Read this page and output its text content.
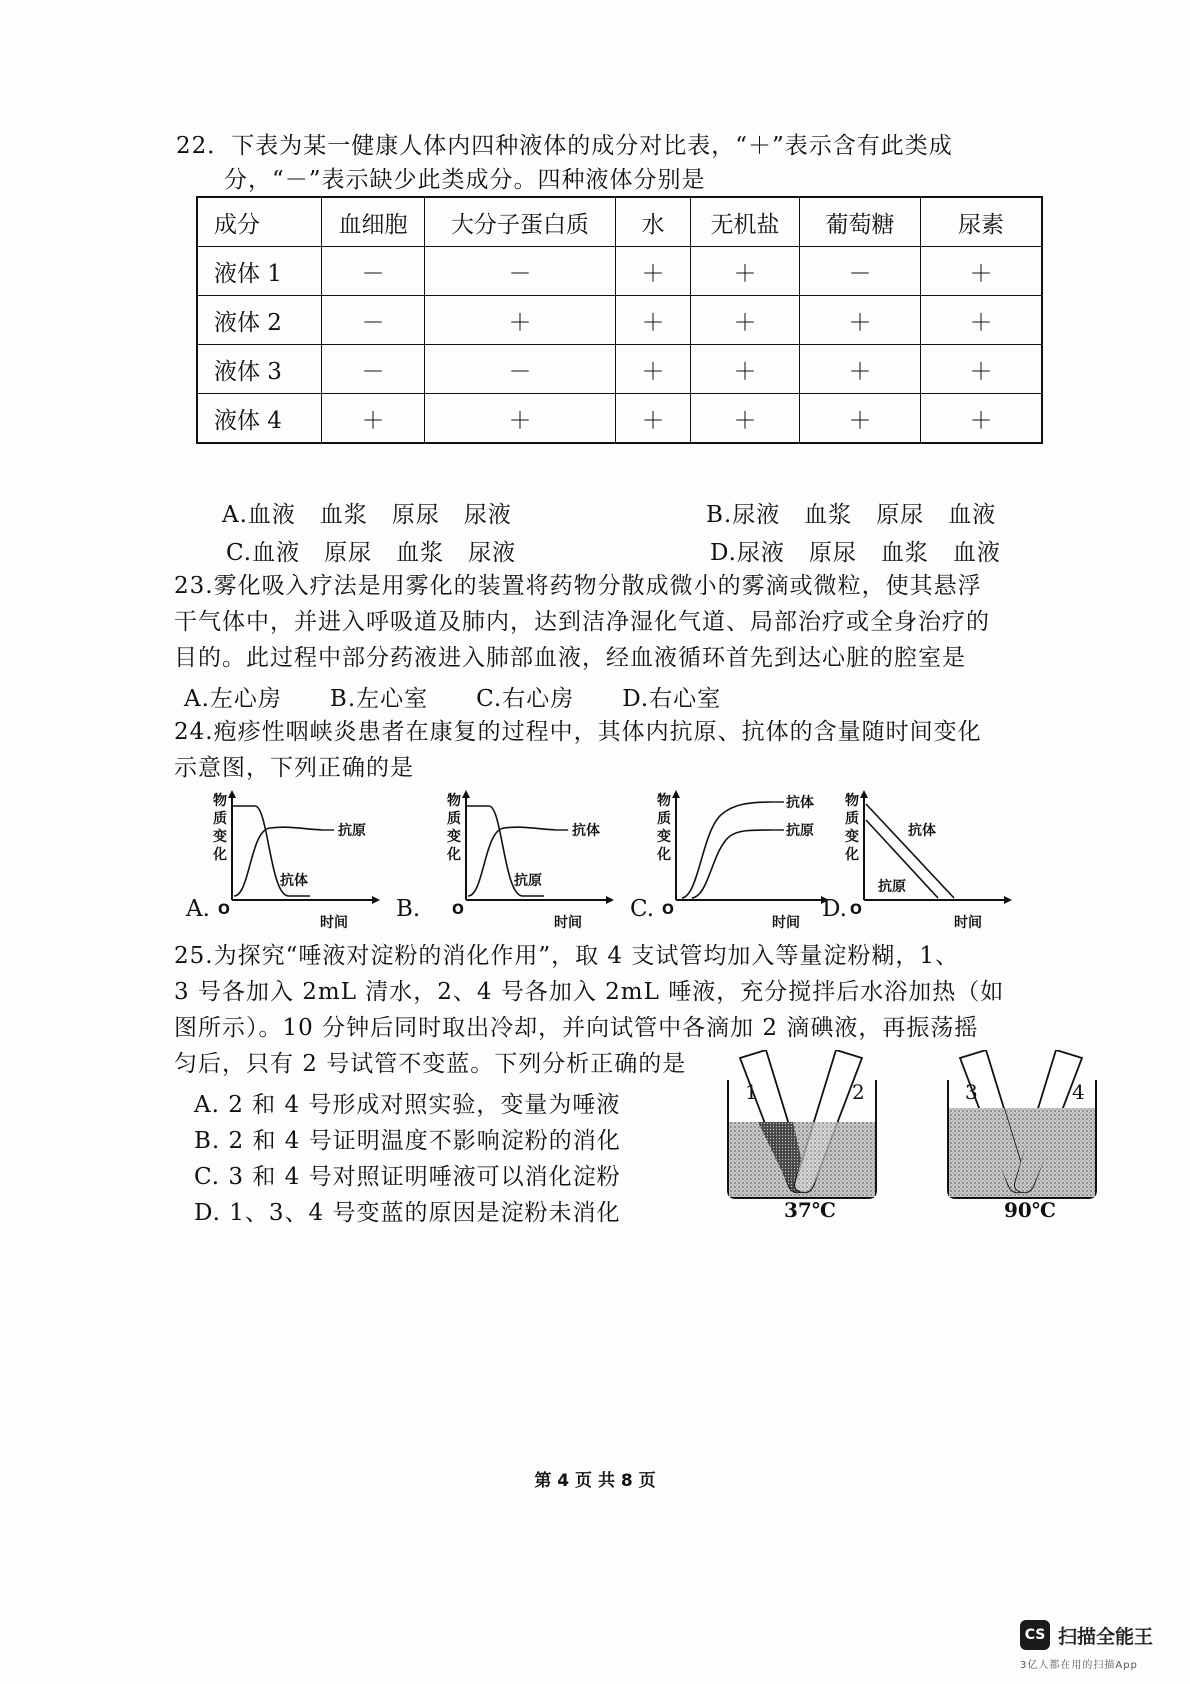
22．下表为某一健康人体内四种液体的成分对比表，“＋”表示含有此类成
分，“－”表示缺少此类成分。四种液体分别是
成分	血细胞	大分子蛋白质	水	无机盐	葡萄糖	尿素
液体 1	－	－	＋	＋	－	＋
液体 2	－	＋	＋	＋	＋	＋
液体 3	－	－	＋	＋	＋	＋
液体 4	＋	＋	＋	＋	＋	＋
A.血液　血浆　原尿　尿液	B.尿液　血浆　原尿　血液
C.血液　原尿　血浆　尿液	D.尿液　原尿　血浆　血液
23.雾化吸入疗法是用雾化的装置将药物分散成微小的雾滴或微粒，使其悬浮
干气体中，并进入呼吸道及肺内，达到洁净湿化气道、局部治疗或全身治疗的
目的。此过程中部分药液进入肺部血液，经血液循环首先到达心脏的腔室是
A.左心房　　B.左心室　　C.右心房　　D.右心室
24.疱疹性咽峡炎患者在康复的过程中，其体内抗原、抗体的含量随时间变化
示意图，下列正确的是
物
质
变
化
抗原
抗体
O
时间
A.
物
质
变
化
抗体
抗原
O
时间
B.
物
质
变
化
抗体
抗原
O
时间
C.
物
质
变
化
抗体
抗原
O
时间
D.
25.为探究“唾液对淀粉的消化作用”，取 4 支试管均加入等量淀粉糊，1、
3 号各加入 2mL 清水，2、4 号各加入 2mL 唾液，充分搅拌后水浴加热（如
图所示）。10 分钟后同时取出冷却，并向试管中各滴加 2 滴碘液，再振荡摇
匀后，只有 2 号试管不变蓝。下列分析正确的是
A. 2 和 4 号形成对照实验，变量为唾液
B. 2 和 4 号证明温度不影响淀粉的消化
C. 3 和 4 号对照证明唾液可以消化淀粉
D. 1、3、4 号变蓝的原因是淀粉未消化
1	2	3	4
37℃	90℃
第 4 页 共 8 页
CS 扫描全能王
3亿人都在用的扫描App
